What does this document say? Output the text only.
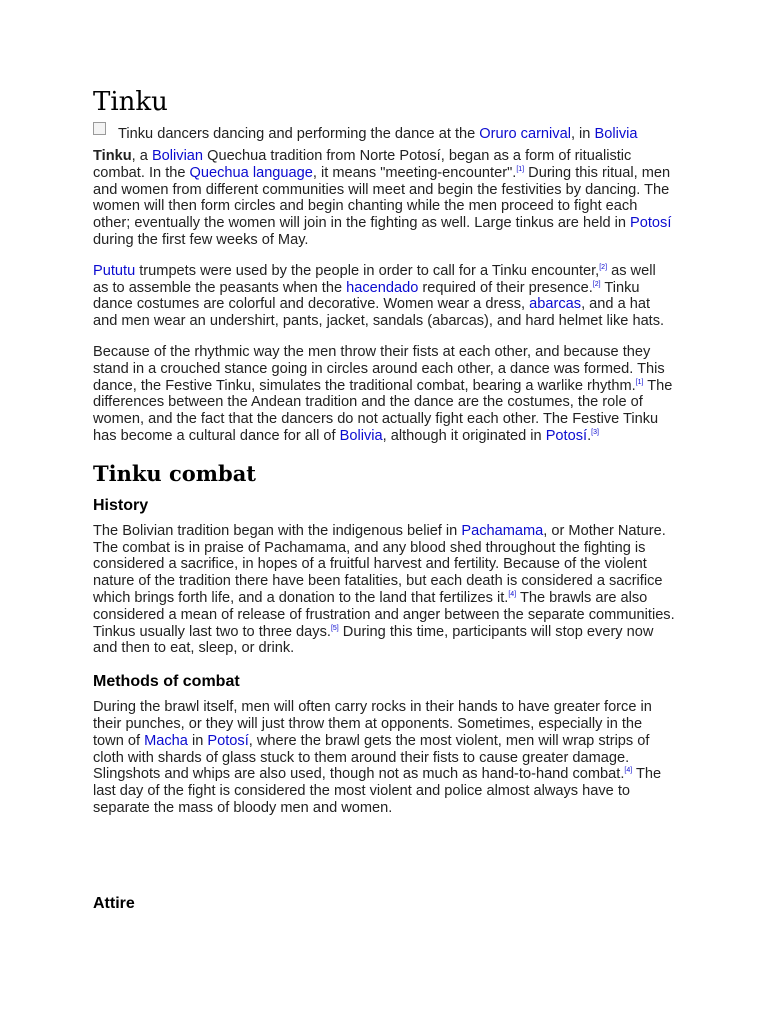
Tinku
Tinku dancers dancing and performing the dance at the Oruro carnival, in Bolivia

Tinku, a Bolivian Quechua tradition from Norte Potosí, began as a form of ritualistic combat. In the Quechua language, it means "meeting-encounter".[1] During this ritual, men and women from different communities will meet and begin the festivities by dancing. The women will then form circles and begin chanting while the men proceed to fight each other; eventually the women will join in the fighting as well. Large tinkus are held in Potosí during the first few weeks of May.

Pututu trumpets were used by the people in order to call for a Tinku encounter,[2] as well as to assemble the peasants when the hacendado required of their presence.[2] Tinku dance costumes are colorful and decorative. Women wear a dress, abarcas, and a hat and men wear an undershirt, pants, jacket, sandals (abarcas), and hard helmet like hats.

Because of the rhythmic way the men throw their fists at each other, and because they stand in a crouched stance going in circles around each other, a dance was formed. This dance, the Festive Tinku, simulates the traditional combat, bearing a warlike rhythm.[1] The differences between the Andean tradition and the dance are the costumes, the role of women, and the fact that the dancers do not actually fight each other. The Festive Tinku has become a cultural dance for all of Bolivia, although it originated in Potosí.[3]

Tinku combat
History

The Bolivian tradition began with the indigenous belief in Pachamama, or Mother Nature. The combat is in praise of Pachamama, and any blood shed throughout the fighting is considered a sacrifice, in hopes of a fruitful harvest and fertility. Because of the violent nature of the tradition there have been fatalities, but each death is considered a sacrifice which brings forth life, and a donation to the land that fertilizes it.[4] The brawls are also considered a mean of release of frustration and anger between the separate communities. Tinkus usually last two to three days.[5] During this time, participants will stop every now and then to eat, sleep, or drink.

Methods of combat

During the brawl itself, men will often carry rocks in their hands to have greater force in their punches, or they will just throw them at opponents. Sometimes, especially in the town of Macha in Potosí, where the brawl gets the most violent, men will wrap strips of cloth with shards of glass stuck to them around their fists to cause greater damage. Slingshots and whips are also used, though not as much as hand-to-hand combat.[4] The last day of the fight is considered the most violent and police almost always have to separate the mass of bloody men and women.

Attire
